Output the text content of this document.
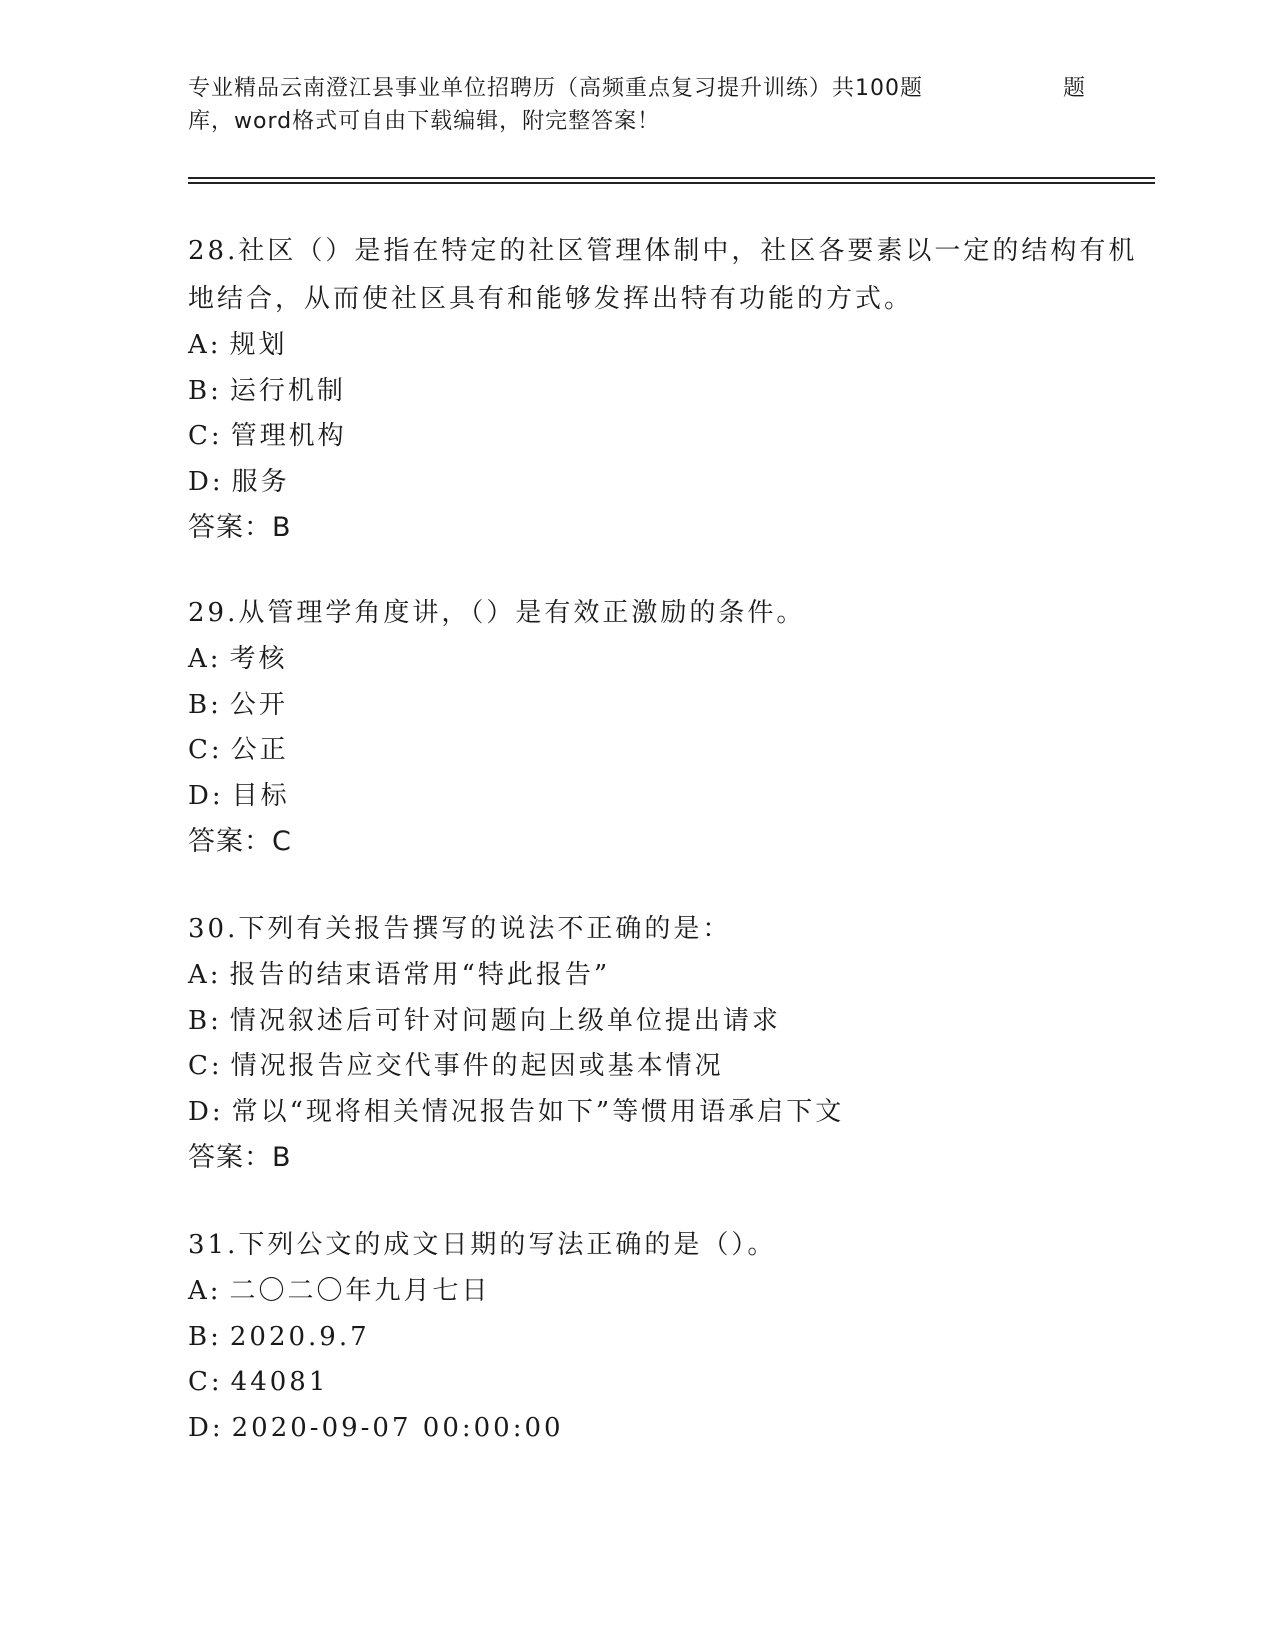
专业精品云南澄江县事业单位招聘历（高频重点复习提升训练）共100题	题
库，word格式可自由下载编辑，附完整答案！

28.社区（）是指在特定的社区管理体制中，社区各要素以一定的结构有机地结合，从而使社区具有和能够发挥出特有功能的方式。

A: 规划

B: 运行机制

C: 管理机构

D: 服务

答案：B

29.从管理学角度讲，（）是有效正激励的条件。

A: 考核

B: 公开

C: 公正

D: 目标

答案：C

30.下列有关报告撰写的说法不正确的是：

A: 报告的结束语常用“特此报告”

B: 情况叙述后可针对问题向上级单位提出请求

C: 情况报告应交代事件的起因或基本情况

D: 常以“现将相关情况报告如下”等惯用语承启下文

答案：B

31.下列公文的成文日期的写法正确的是（）。

A: 二〇二〇年九月七日

B: 2020.9.7

C: 44081

D: 2020-09-07 00:00:00
